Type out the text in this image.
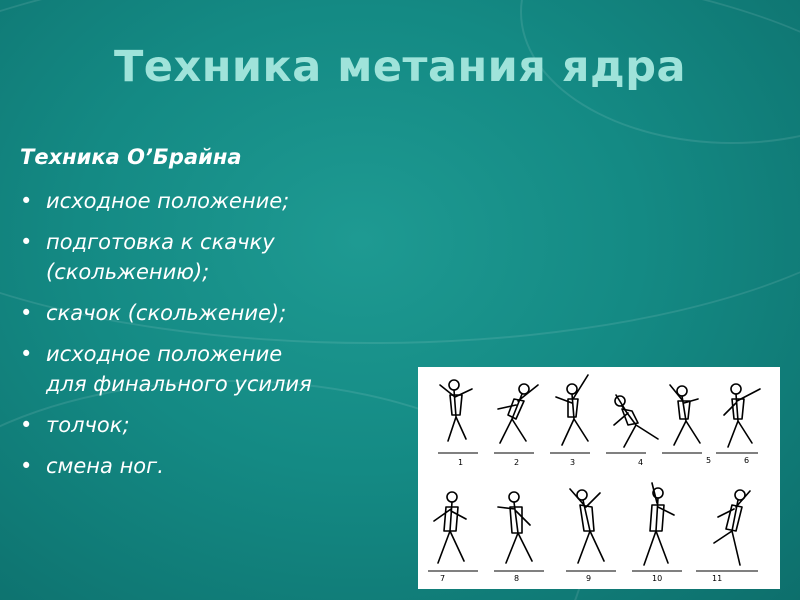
Техника метания ядра
Техника О’Брайна
• исходное положение;
• подготовка к скачку
(скольжению);
• скачок (скольжение);
• исходное положение
для финального усилия
• толчок;
• смена ног.	1	2	3	4	5	6
7	8	9	10	11
